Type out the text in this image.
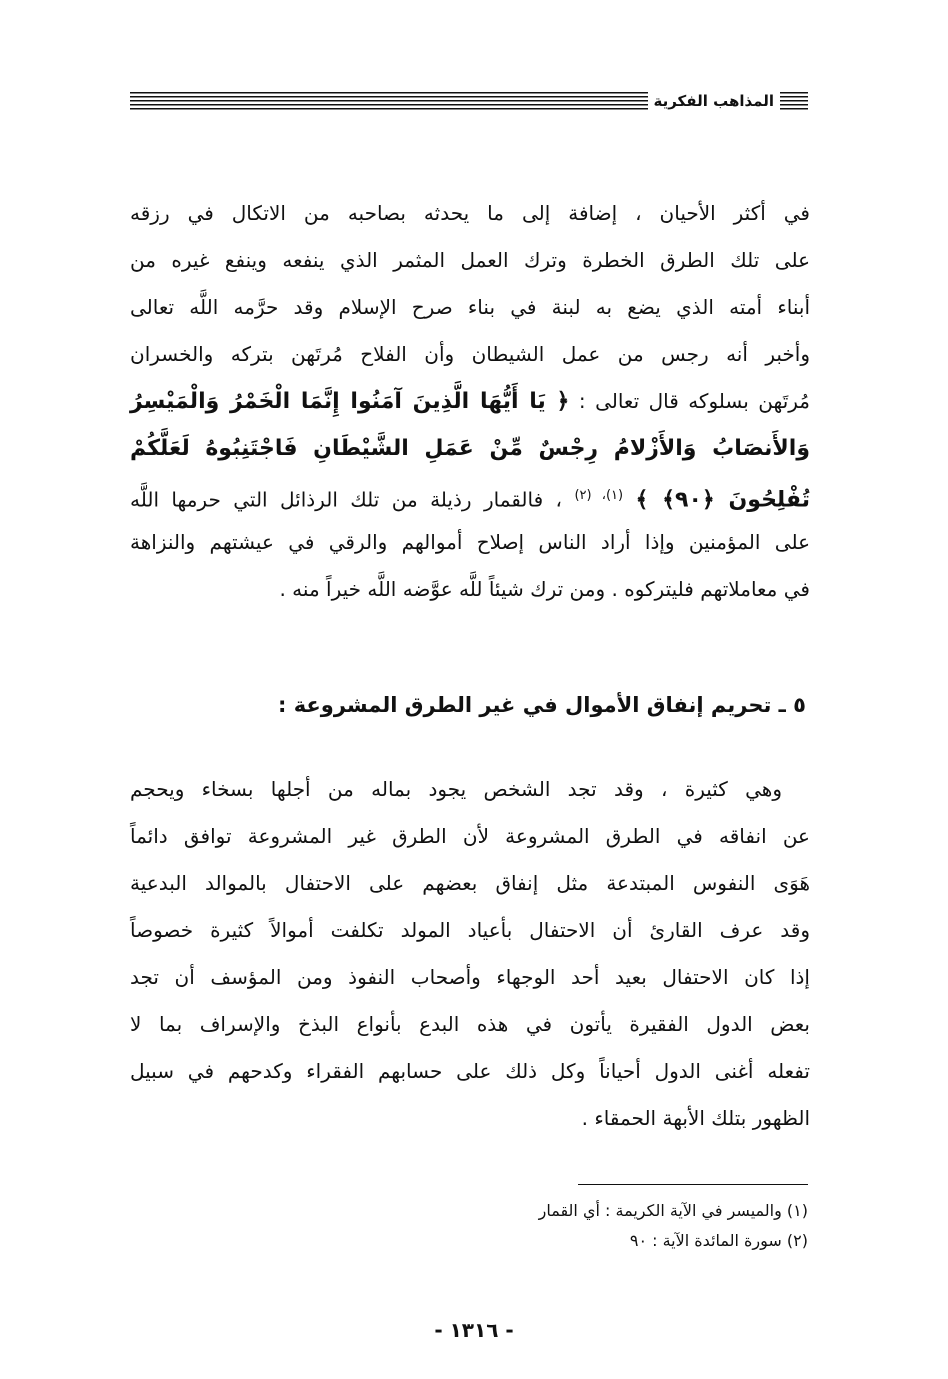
المذاهب الفكرية
في أكثر الأحيان ، إضافة إلى ما يحدثه بصاحبه من الاتكال في رزقه
على تلك الطرق الخطرة وترك العمل المثمر الذي ينفعه وينفع غيره من
أبناء أمته الذي يضع به لبنة في بناء صرح الإسلام وقد حرَّمه اللَّه تعالى
وأخبر أنه رجس من عمل الشيطان وأن الفلاح مُرتَهن بتركه والخسران
مُرتَهن بسلوكه قال تعالى : ﴿ يَا أَيُّهَا الَّذِينَ آمَنُوا إِنَّمَا الْخَمْرُ وَالْمَيْسِرُ
وَالأَنصَابُ وَالأَزْلامُ رِجْسٌ مِّنْ عَمَلِ الشَّيْطَانِ فَاجْتَنِبُوهُ لَعَلَّكُمْ
تُفْلِحُونَ ﴿٩٠﴾ ﴾ $^{(١)، (٢)}$ ، فالقمار رذيلة من تلك الرذائل التي حرمها اللَّه
على المؤمنين وإذا أراد الناس إصلاح أموالهم والرقي في عيشتهم والنزاهة
في معاملاتهم فليتركوه . ومن ترك شيئاً للَّه عوَّضه اللَّه خيراً منه .
٥ ـ تحريم إنفاق الأموال في غير الطرق المشروعة :
وهي كثيرة ، وقد تجد الشخص يجود بماله من أجلها بسخاء ويحجم
عن انفاقه في الطرق المشروعة لأن الطرق غير المشروعة توافق دائماً
هَوَى النفوس المبتدعة مثل إنفاق بعضهم على الاحتفال بالموالد البدعية
وقد عرف القارئ أن الاحتفال بأعياد المولد تكلفت أموالاً كثيرة خصوصاً
إذا كان الاحتفال بعيد أحد الوجهاء وأصحاب النفوذ ومن المؤسف أن تجد
بعض الدول الفقيرة يأتون في هذه البدع بأنواع البذخ والإسراف بما لا
تفعله أغنى الدول أحياناً وكل ذلك على حسابهم الفقراء وكدحهم في سبيل
الظهور بتلك الأبهة الحمقاء .
(١) والميسر في الآية الكريمة : أي القمار
(٢) سورة المائدة الآية : ٩٠
- ١٣١٦ -
